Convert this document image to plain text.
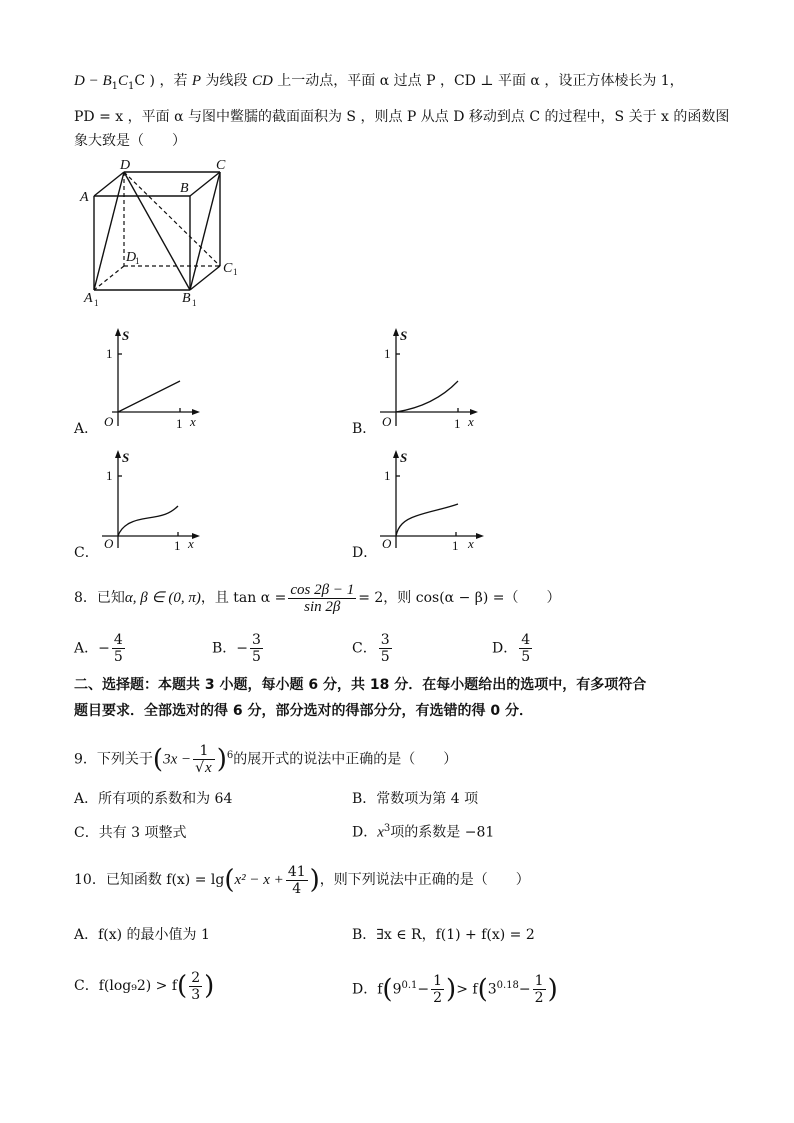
$D - B_1C_1C$ ) ，若 P 为线段 CD 上一动点，平面 α 过点 P ，CD ⊥ 平面 α ，设正方体棱长为 1，
PD = x ，平面 α 与图中鳖臑的截面面积为 S ，则点 P 从点 D 移动到点 C 的过程中，S 关于 x 的函数图
象大致是（　　）
D	C
A
B
D
C
A	B
1
1
1	1
A．
S
1
O	1 x	B．
S
1
O	1 x
C．
S
1
O	1 x
D．
S
1
O	1 x
8．已知α, β ∈ (0, π)，且 $\tan \alpha = \frac{\cos 2\beta - 1}{\sin 2\beta} = 2$，则 cos(α − β) =（　　）
A．− $\frac{4}{5}$	B．− $\frac{3}{5}$	C． $\frac{3}{5}$	D． $\frac{4}{5}$
二、选择题：本题共 3 小题，每小题 6 分，共 18 分．在每小题给出的选项中，有多项符合
题目要求．全部选对的得 6 分，部分选对的得部分分，有选错的得 0 分．
9．下列关于$(3x - \frac{1}{√x} )^6$的展开式的说法中正确的是（　　）
A．所有项的系数和为 64	B．常数项为第 4 项
C．共有 3 项整式	D．$x^3$项的系数是 −81
10．已知函数 $f(x) = \lg(x^2 - x + \frac{41}{4}$ )，则下列说法中正确的是（　　）
A．f(x) 的最小值为 1	B．∃x ∈ R，f(1) + f(x) = 2
C．$f(\log_92) > f( \frac{2}{3}$ )	D．$f(9^{0.1}- \frac{1}{2}$ )> $f(3^{0.18}- \frac{1}{2}$ )
